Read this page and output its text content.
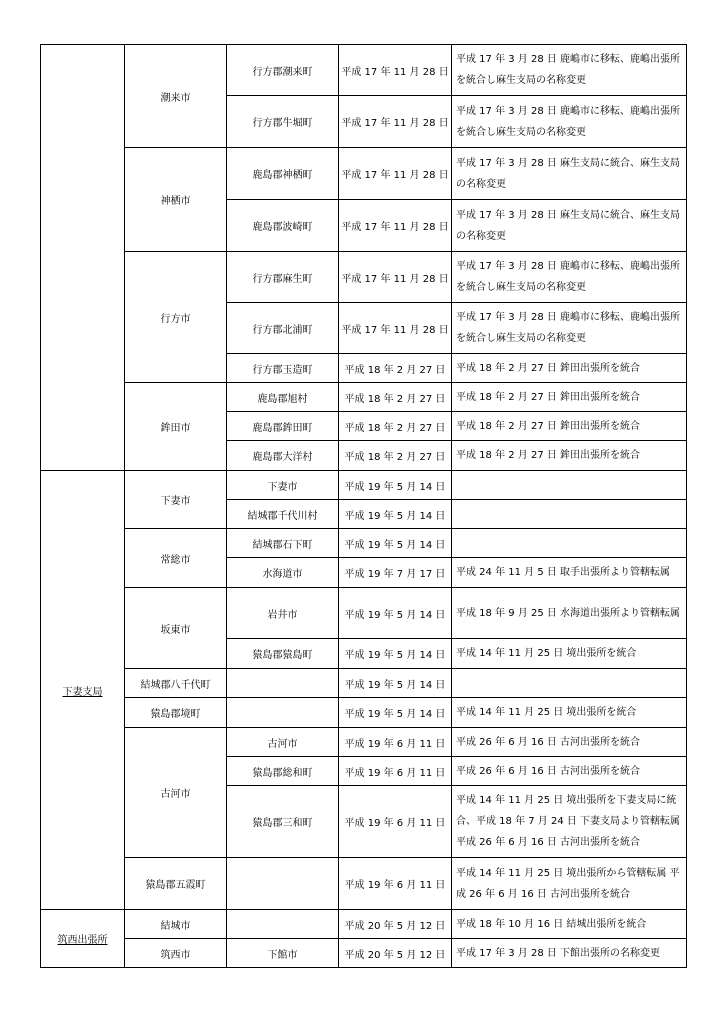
	潮来市	行方郡潮来町	平成 17 年 11 月 28 日	平成 17 年 3 月 28 日 鹿嶋市に移転、鹿嶋出張所を統合し麻生支局の名称変更
		行方郡牛堀町	平成 17 年 11 月 28 日	平成 17 年 3 月 28 日 鹿嶋市に移転、鹿嶋出張所を統合し麻生支局の名称変更
	神栖市	鹿島郡神栖町	平成 17 年 11 月 28 日	平成 17 年 3 月 28 日 麻生支局に統合、麻生支局の名称変更
		鹿島郡波崎町	平成 17 年 11 月 28 日	平成 17 年 3 月 28 日 麻生支局に統合、麻生支局の名称変更
	行方市	行方郡麻生町	平成 17 年 11 月 28 日	平成 17 年 3 月 28 日 鹿嶋市に移転、鹿嶋出張所を統合し麻生支局の名称変更
		行方郡北浦町	平成 17 年 11 月 28 日	平成 17 年 3 月 28 日 鹿嶋市に移転、鹿嶋出張所を統合し麻生支局の名称変更
		行方郡玉造町	平成 18 年 2 月 27 日	平成 18 年 2 月 27 日 鉾田出張所を統合
	鉾田市	鹿島郡旭村	平成 18 年 2 月 27 日	平成 18 年 2 月 27 日 鉾田出張所を統合
		鹿島郡鉾田町	平成 18 年 2 月 27 日	平成 18 年 2 月 27 日 鉾田出張所を統合
		鹿島郡大洋村	平成 18 年 2 月 27 日	平成 18 年 2 月 27 日 鉾田出張所を統合
下妻支局	下妻市	下妻市	平成 19 年 5 月 14 日	
		結城郡千代川村	平成 19 年 5 月 14 日	
	常総市	結城郡石下町	平成 19 年 5 月 14 日	
		水海道市	平成 19 年 7 月 17 日	平成 24 年 11 月 5 日 取手出張所より管轄転属
	坂東市	岩井市	平成 19 年 5 月 14 日	平成 18 年 9 月 25 日 水海道出張所より管轄転属
		猿島郡猿島町	平成 19 年 5 月 14 日	平成 14 年 11 月 25 日 境出張所を統合
	結城郡八千代町		平成 19 年 5 月 14 日	
	猿島郡境町		平成 19 年 5 月 14 日	平成 14 年 11 月 25 日 境出張所を統合
	古河市	古河市	平成 19 年 6 月 11 日	平成 26 年 6 月 16 日 古河出張所を統合
		猿島郡総和町	平成 19 年 6 月 11 日	平成 26 年 6 月 16 日 古河出張所を統合
		猿島郡三和町	平成 19 年 6 月 11 日	平成 14 年 11 月 25 日 境出張所を下妻支局に統合、平成 18 年 7 月 24 日 下妻支局より管轄転属 平成 26 年 6 月 16 日 古河出張所を統合
	猿島郡五霞町		平成 19 年 6 月 11 日	平成 14 年 11 月 25 日 境出張所から管轄転属 平成 26 年 6 月 16 日 古河出張所を統合
筑西出張所	結城市		平成 20 年 5 月 12 日	平成 18 年 10 月 16 日 結城出張所を統合
	筑西市	下館市	平成 20 年 5 月 12 日	平成 17 年 3 月 28 日 下館出張所の名称変更
